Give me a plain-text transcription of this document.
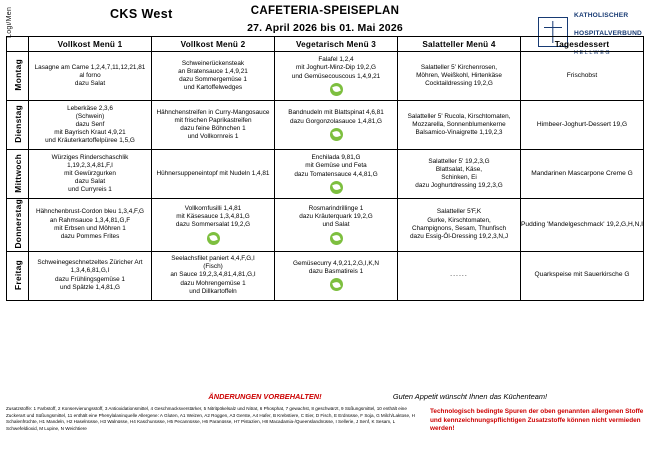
Logi/Men	CKS West	CAFETERIA-SPEISEPLAN
27. April 2026 bis 01. Mai 2026
KATHOLISCHER
HOSPITALVERBUND
HELLWEG
	Vollkost Menü 1	Vollkost Menü 2	Vegetarisch Menü 3	Salatteller Menü 4	Tagesdessert
Montag	Lasagne am Carne 1,2,4,7,11,12,21,81
al forno
dazu Salat	Schweinerückensteak
an Bratensauce 1,4,9,21
dazu Sommergemüse 1
und Kartoffelwedges	Falafel 1,2,4
mit Joghurt-Minz-Dip 19,2,G
und Gemüsecouscous 1,4,9,21	Salatteller 5' Kirchenrosen,
Möhren, Weißkohl, Hirtenkäse
Cocktaildressing 19,2,G	Frischobst

Dienstag	Leberkäse 2,3,6
(Schwein)
dazu Senf
mit Bayrisch Kraut 4,9,21
und Kräuterkartoffelpüree 1,5,G	Hähnchenstreifen in Curry-Mangosauce
mit frischen Paprikastreifen
dazu feine Böhnchen 1
und Vollkornreis 1	Bandnudeln mit Blattspinat 4,6,81
dazu Gorgonzolasauce 1,4,81,G	Salatteller 5' Rucola, Kirschtomaten,
Mozzarella, Sonnenblumenkerne
Balsamico-Vinaigrette 1,19,2,3	Himbeer-Joghurt-Dessert 19,G

Mittwoch	Würziges Rinderschaschlik 1,19,2,3,4,81,F,I
mit Gewürzgurken
dazu Salat
und Curryreis 1	Hühnersuppeneintopf mit Nudeln 1,4,81	Enchilada 9,81,G
mit Gemüse und Feta
dazu Tomatensauce 4,4,81,G	Salatteller 5' 19,2,3,G
Blattsalat, Käse,
Schinken, Ei
dazu Joghurtdressing 19,2,3,G	Mandarinen Mascarpone Creme G

Donnerstag	Hähnchenbrust-Cordon bleu 1,3,4,F,G
an Rahmsauce 1,3,4,81,G,F
mit Erbsen und Möhren 1
dazu Pommes Frites	Vollkornfusilli 1,4,81
mit Käsesauce 1,3,4,81,G
dazu Sommersalat 19,2,G	Rosmarindrillinge 1
dazu Kräuterquark 19,2,G
und Salat	Salatteller 5'F,K
Gurke, Kirschtomaten,
Champignons, Sesam, Thunfisch
dazu Essig-Öl-Dressing 19,2,3,N,J	Pudding 'Mandelgeschmack' 19,2,G,H,N,I

Freitag	Schweinegeschnetzeltes Züricher Art
1,3,4,6,81,G,I
dazu Frühlingsgemüse 1
und Spätzle 1,4,81,G	Seelachsfilet paniert 4,4,F,G,I
(Fisch)
an Sauce 19,2,3,4,81,4,81,G,I
dazu Mohrengemüse 1
und Dillkartoffeln	Gemüsecurry 4,9,21,2,G,I,K,N
dazu Basmatireis 1	......	Quarkspeise mit Sauerkirsche G
ÄNDERUNGEN VORBEHALTEN!	Guten Appetit wünscht Ihnen das Küchenteam!
Zusatzstoffe: 1 Farbstoff, 2 Konservierungsstoff, 3 Antioxidationsmittel, 4 Geschmacksverstärker, 5 Nitritpökelsalz und Nitrat, 6 Phosphat, 7 gewachst, 8 geschwärzt, 9 Süßungsmittel, 10 enthält eine Zuckerart und Süßungsmittel, 11 enthält eine Phenylalaninquelle Allergene: A Gluten, A1 Weizen, A2 Roggen, A3 Gerste, A4 Hafer, B Krebstiere, C Eier, D Fisch, E Erdnüsse, F Soja, G Milch/Laktose, H Schalenfrüchte, H1 Mandeln, H2 Haselnüsse, H3 Walnüsse, H4 Kaschunüsse, H5 Pecannüsse, H6 Paranüsse, H7 Pistazien, H8 Macadamia-/Queenslandnüsse, I Sellerie, J Senf, K Sesam, L Schwefeldioxid, M Lupine, N Weichtiere
Technologisch bedingte Spuren der oben genannten allergenen Stoffe und kennzeichnungspflichtigen Zusatzstoffe können nicht vermieden werden!
